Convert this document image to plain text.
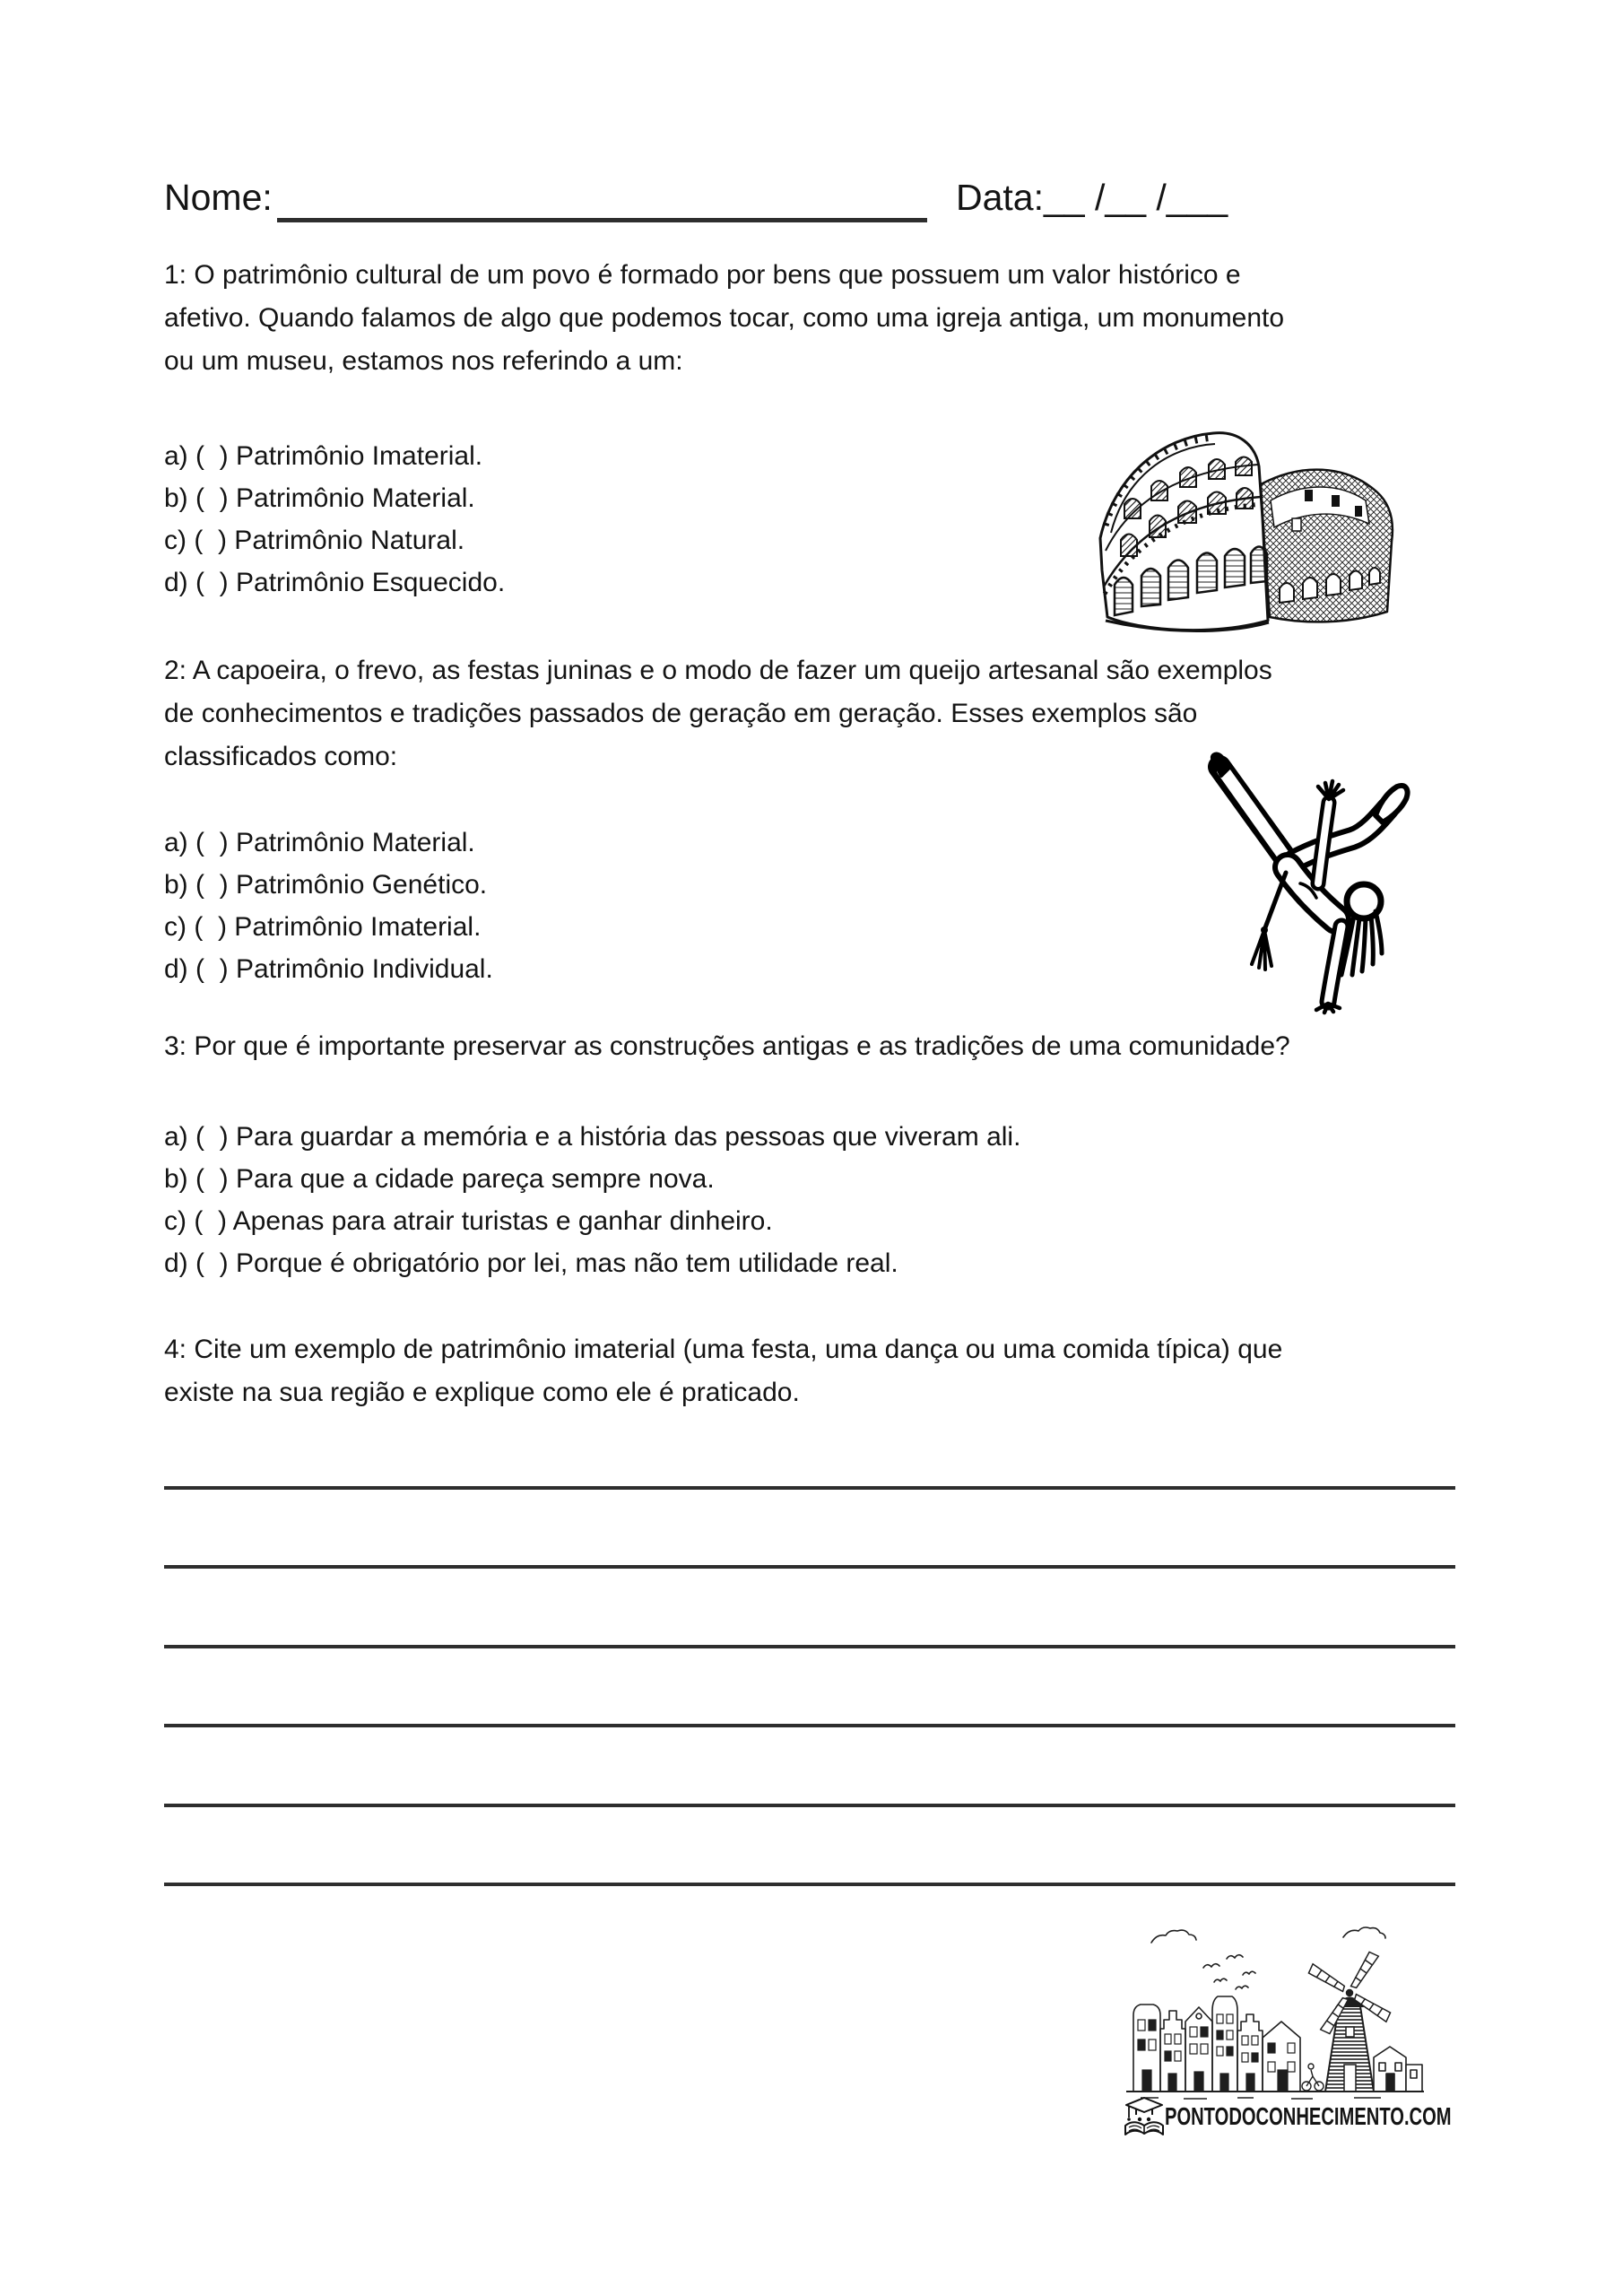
Nome:	Data:__ /__ /___
1: O patrimônio cultural de um povo é formado por bens que possuem um valor histórico e
afetivo. Quando falamos de algo que podemos tocar, como uma igreja antiga, um monumento
ou um museu, estamos nos referindo a um:
a) (  ) Patrimônio Imaterial.
b) (  ) Patrimônio Material.
c) (  ) Patrimônio Natural.
d) (  ) Patrimônio Esquecido.
2: A capoeira, o frevo, as festas juninas e o modo de fazer um queijo artesanal são exemplos
de conhecimentos e tradições passados de geração em geração. Esses exemplos são
classificados como:
a) (  ) Patrimônio Material.
b) (  ) Patrimônio Genético.
c) (  ) Patrimônio Imaterial.
d) (  ) Patrimônio Individual.
3: Por que é importante preservar as construções antigas e as tradições de uma comunidade?
a) (  ) Para guardar a memória e a história das pessoas que viveram ali.
b) (  ) Para que a cidade pareça sempre nova.
c) (  ) Apenas para atrair turistas e ganhar dinheiro.
d) (  ) Porque é obrigatório por lei, mas não tem utilidade real.
4: Cite um exemplo de patrimônio imaterial (uma festa, uma dança ou uma comida típica) que
existe na sua região e explique como ele é praticado.
PONTODOCONHECIMENTO.COM
